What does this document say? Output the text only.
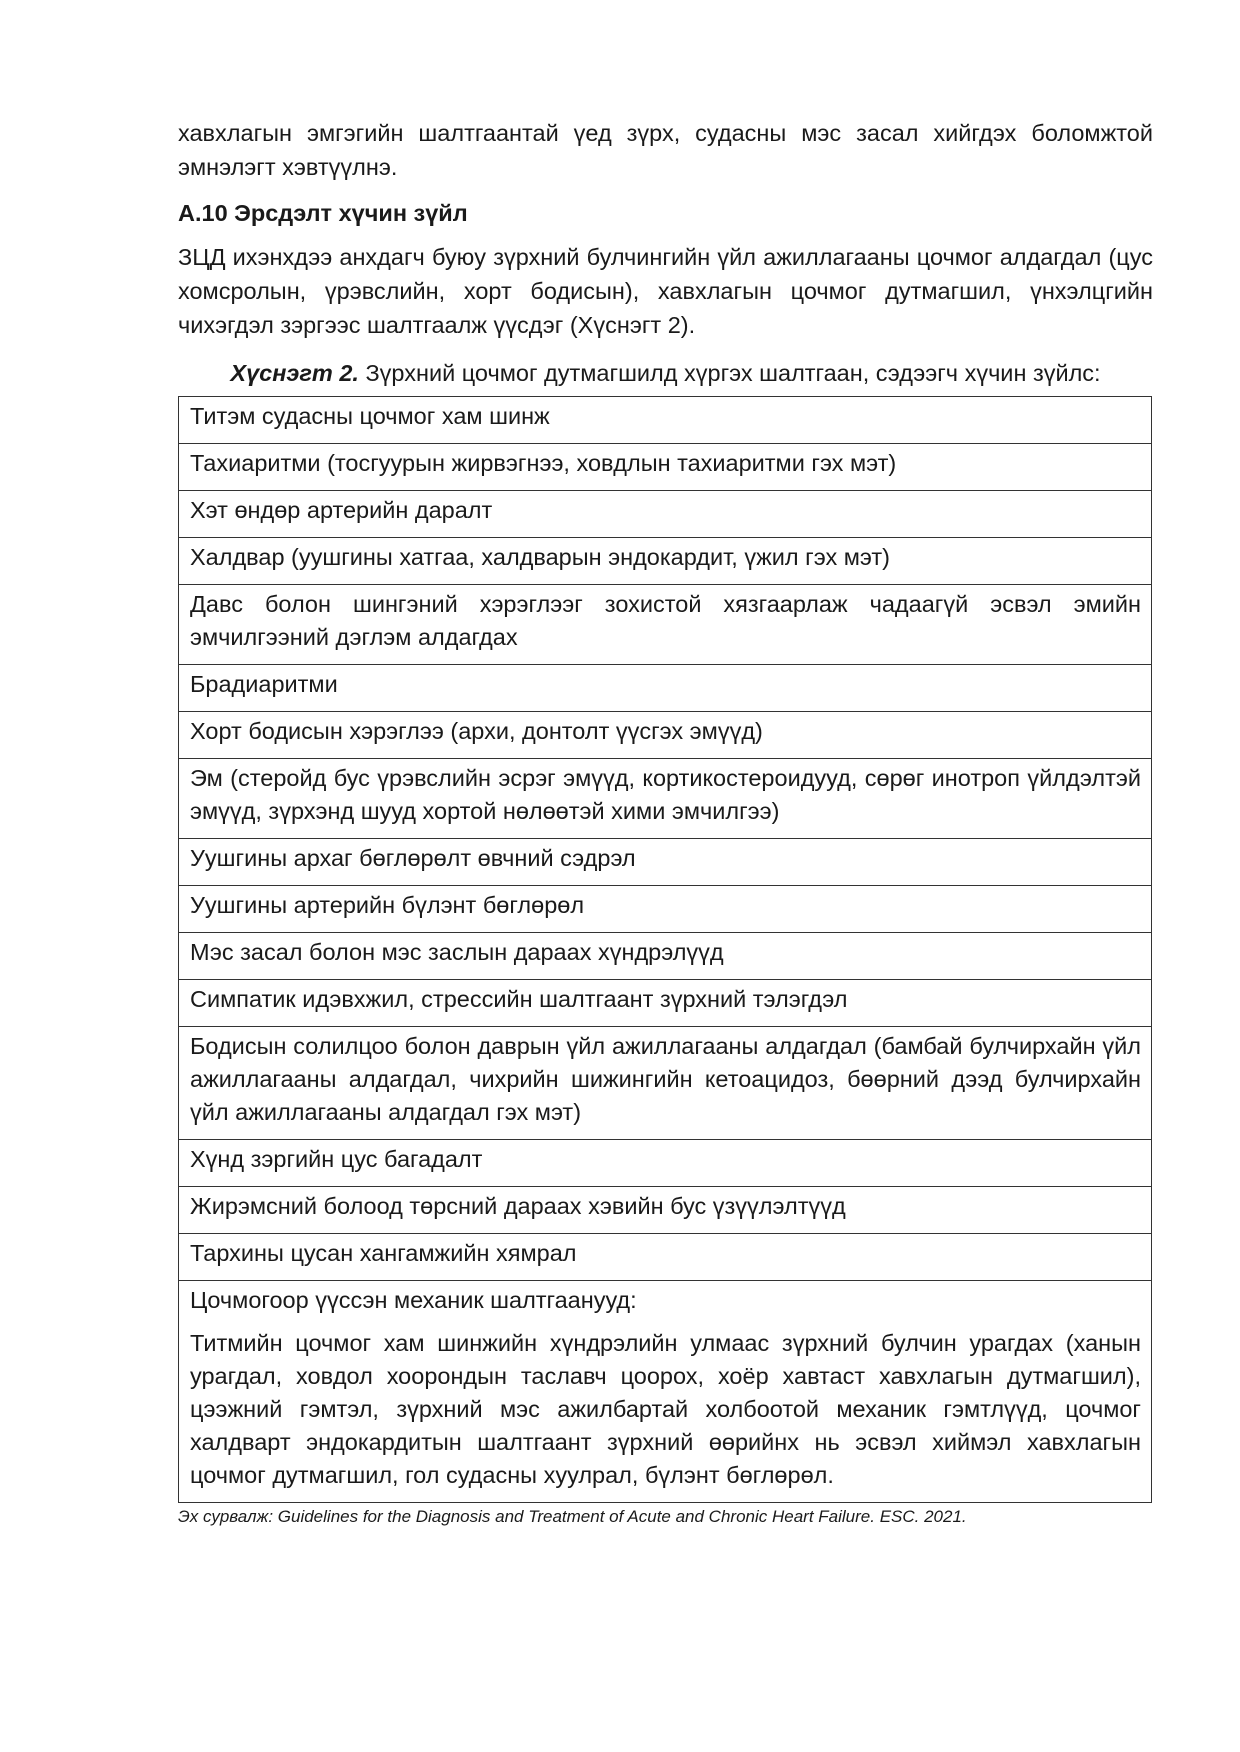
хавхлагын эмгэгийн шалтгаантай үед зүрх, судасны мэс засал хийгдэх боломжтой эмнэлэгт хэвтүүлнэ.

А.10 Эрсдэлт хүчин зүйл

ЗЦД ихэнхдээ анхдагч буюу зүрхний булчингийн үйл ажиллагааны цочмог алдагдал (цус хомсролын, үрэвслийн, хорт бодисын), хавхлагын цочмог дутмагшил, үнхэлцгийн чихэгдэл зэргээс шалтгаалж үүсдэг (Хүснэгт 2).

Хүснэгт 2. Зүрхний цочмог дутмагшилд хүргэх шалтгаан, сэдээгч хүчин зүйлс:
Титэм судасны цочмог хам шинж
Тахиаритми (тосгуурын жирвэгнээ, ховдлын тахиаритми гэх мэт)
Хэт өндөр артерийн даралт
Халдвар (уушгины хатгаа, халдварын эндокардит, үжил гэх мэт)
Давс болон шингэний хэрэглээг зохистой хязгаарлаж чадаагүй эсвэл эмийн эмчилгээний дэглэм алдагдах
Брадиаритми
Хорт бодисын хэрэглээ (архи, донтолт үүсгэх эмүүд)
Эм (стеройд бус үрэвслийн эсрэг эмүүд, кортикостероидууд, сөрөг инотроп үйлдэлтэй эмүүд, зүрхэнд шууд хортой нөлөөтэй хими эмчилгээ)
Уушгины архаг бөглөрөлт өвчний сэдрэл
Уушгины артерийн бүлэнт бөглөрөл
Мэс засал болон мэс заслын дараах хүндрэлүүд
Симпатик идэвхжил, стрессийн шалтгаант зүрхний тэлэгдэл
Бодисын солилцоо болон даврын үйл ажиллагааны алдагдал (бамбай булчирхайн үйл ажиллагааны алдагдал, чихрийн шижингийн кетоацидоз, бөөрний дээд булчирхайн үйл ажиллагааны алдагдал гэх мэт)
Хүнд зэргийн цус багадалт
Жирэмсний болоод төрсний дараах хэвийн бус үзүүлэлтүүд
Тархины цусан хангамжийн хямрал

Цочмогоор үүссэн механик шалтгаанууд:

Титмийн цочмог хам шинжийн хүндрэлийн улмаас зүрхний булчин урагдах (ханын урагдал, ховдол хоорондын таславч цоорох, хоёр хавтаст хавхлагын дутмагшил), цээжний гэмтэл, зүрхний мэс ажилбартай холбоотой механик гэмтлүүд, цочмог халдварт эндокардитын шалтгаант зүрхний өөрийнх нь эсвэл хиймэл хавхлагын цочмог дутмагшил, гол судасны хуулрал, бүлэнт бөглөрөл.

Эх сурвалж: Guidelines for the Diagnosis and Treatment of Acute and Chronic Heart Failure. ESC. 2021.
